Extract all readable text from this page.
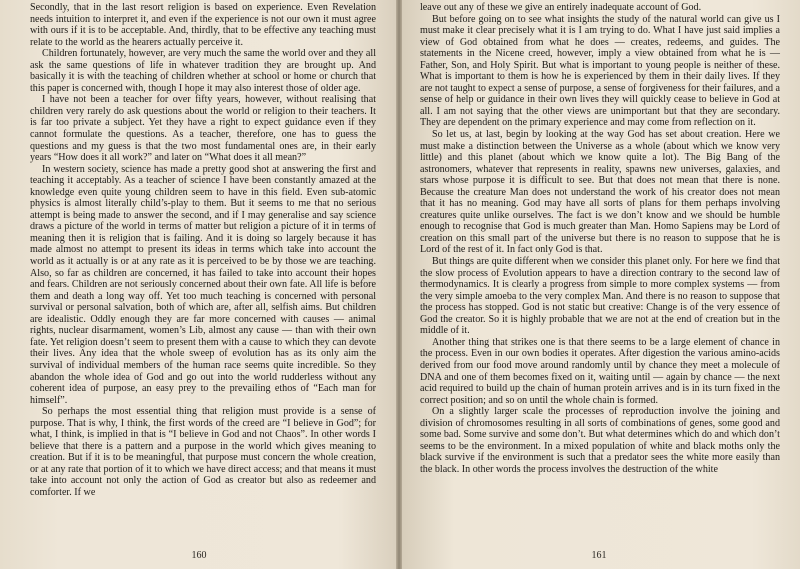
Secondly, that in the last resort religion is based on experience. Even Revelation needs intuition to interpret it, and even if the experience is not our own it must agree with ours if it is to be acceptable. And, thirdly, that to be effective any teaching must relate to the world as the hearers actually perceive it.

Children fortunately, however, are very much the same the world over and they all ask the same questions of life in whatever tradition they are brought up. And basically it is with the teaching of children whether at school or home or church that this paper is concerned with, though I hope it may also interest those of older age.

I have not been a teacher for over fifty years, however, without realising that children very rarely do ask questions about the world or religion to their teachers. It is far too private a subject. Yet they have a right to expect guidance even if they cannot formulate the questions. As a teacher, therefore, one has to guess the questions and my guess is that the two most fundamental ones are, in their early years “How does it all work?” and later on “What does it all mean?”

In western society, science has made a pretty good shot at answering the first and teaching it acceptably. As a teacher of science I have been constantly amazed at the knowledge even quite young children seem to have in this field. Even sub-atomic physics is almost literally child’s-play to them. But it seems to me that no serious attempt is being made to answer the second, and if I may generalise and say science draws a picture of the world in terms of matter but religion a picture of it in terms of meaning then it is religion that is failing. And it is doing so largely because it has made almost no attempt to present its ideas in terms which take into account the world as it actually is or at any rate as it is perceived to be by those we are teaching. Also, so far as children are concerned, it has failed to take into account their hopes and fears. Children are not seriously concerned about their own fate. All life is before them and death a long way off. Yet too much teaching is concerned with personal survival or personal salvation, both of which are, after all, selfish aims. But children are idealistic. Oddly enough they are far more concerned with causes — animal rights, nuclear disarmament, women’s Lib, almost any cause — than with their own fate. Yet religion doesn’t seem to present them with a cause to which they can devote their lives. Any idea that the whole sweep of evolution has as its only aim the survival of individual members of the human race seems quite incredible. So they abandon the whole idea of God and go out into the world rudderless without any coherent idea of purpose, an easy prey to the prevailing ethos of “Each man for himself”.

So perhaps the most essential thing that religion must provide is a sense of purpose. That is why, I think, the first words of the creed are “I believe in God”; for what, I think, is implied in that is “I believe in God and not Chaos”. In other words I believe that there is a pattern and a purpose in the world which gives meaning to creation. But if it is to be meaningful, that purpose must concern the whole creation, or at any rate that portion of it to which we have direct access; and that means it must take into account not only the action of God as creator but also as redeemer and comforter. If we

160

leave out any of these we give an entirely inadequate account of God.

But before going on to see what insights the study of the natural world can give us I must make it clear precisely what it is I am trying to do. What I have just said implies a view of God obtained from what he does — creates, redeems, and guides. The statements in the Nicene creed, however, imply a view obtained from what he is — Father, Son, and Holy Spirit. But what is important to young people is neither of these. What is important to them is how he is experienced by them in their daily lives. If they are not taught to expect a sense of purpose, a sense of forgiveness for their failures, and a sense of help or guidance in their own lives they will quickly cease to believe in God at all. I am not saying that the other views are unimportant but that they are secondary. They are dependent on the primary experience and may come from reflection on it.

So let us, at last, begin by looking at the way God has set about creation. Here we must make a distinction between the Universe as a whole (about which we know very little) and this planet (about which we know quite a lot). The Big Bang of the astronomers, whatever that represents in reality, spawns new universes, galaxies, and stars whose purpose it is difficult to see. But that does not mean that there is none. Because the creature Man does not understand the work of his creator does not mean that it has no meaning. God may have all sorts of plans for them perhaps involving creatures quite unlike ourselves. The fact is we don’t know and we should be humble enough to recognise that God is much greater than Man. Homo Sapiens may be Lord of creation on this small part of the universe but there is no reason to suppose that he is Lord of the rest of it. In fact only God is that.

But things are quite different when we consider this planet only. For here we find that the slow process of Evolution appears to have a direction contrary to the second law of thermodynamics. It is clearly a progress from simple to more complex systems — from the very simple amoeba to the very complex Man. And there is no reason to suppose that the process has stopped. God is not static but creative: Change is of the very essence of God the creator. So it is highly probable that we are not at the end of creation but in the middle of it.

Another thing that strikes one is that there seems to be a large element of chance in the process. Even in our own bodies it operates. After digestion the various amino-acids derived from our food move around randomly until by chance they meet a molecule of DNA and one of them becomes fixed on it, waiting until — again by chance — the next acid required to build up the chain of human protein arrives and is in its turn fixed in the correct position; and so on until the whole chain is formed.

On a slightly larger scale the processes of reproduction involve the joining and division of chromosomes resulting in all sorts of combinations of genes, some good and some bad. Some survive and some don’t. But what determines which do and which don’t seems to be the environment. In a mixed population of white and black moths only the black survive if the environment is such that a predator sees the white more easily than the black. In other words the process involves the destruction of the white

161
